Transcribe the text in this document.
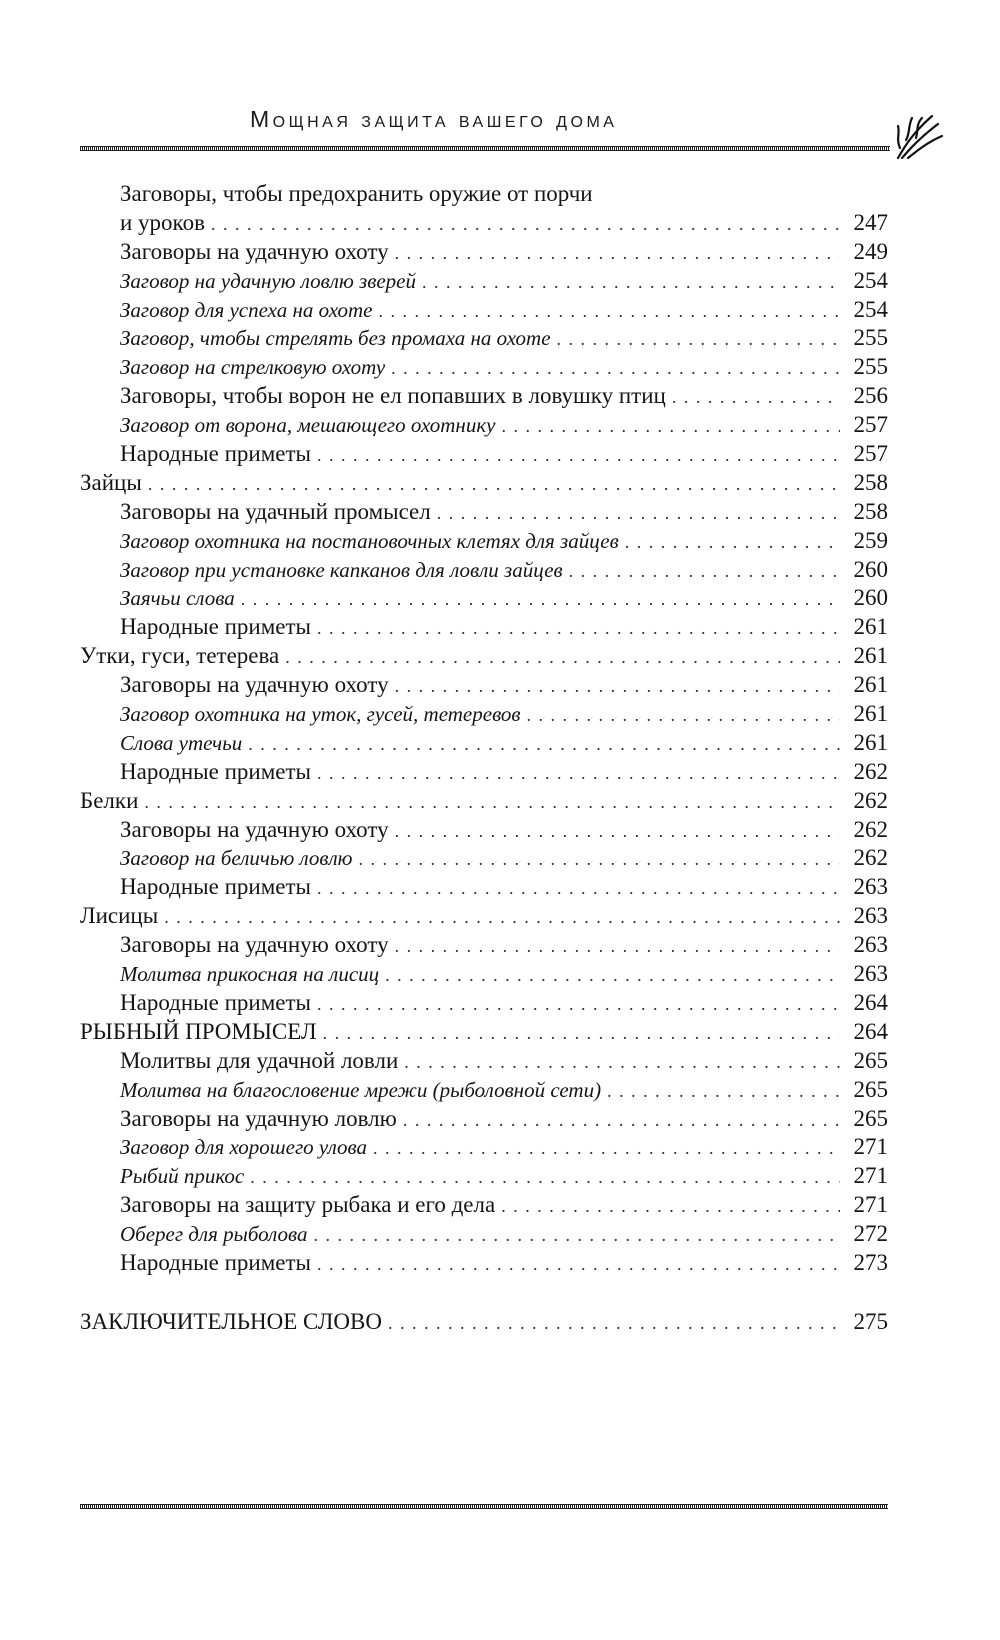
Мощная защита вашего дома
Заговоры, чтобы предохранить оружие от порчи
и уроков . . .	247
Заговоры на удачную охоту . . .	249
Заговор на удачную ловлю зверей . . .	254
Заговор для успеха на охоте . . .	254
Заговор, чтобы стрелять без промаха на охоте . . .	255
Заговор на стрелковую охоту . . .	255
Заговоры, чтобы ворон не ел попавших в ловушку птиц . . .	256
Заговор от ворона, мешающего охотнику . . .	257
Народные приметы . . .	257
Зайцы . . .	258
Заговоры на удачный промысел . . .	258
Заговор охотника на постановочных клетях для зайцев . . .	259
Заговор при установке капканов для ловли зайцев . . .	260
Заячьи слова . . .	260
Народные приметы . . .	261
Утки, гуси, тетерева . . .	261
Заговоры на удачную охоту . . .	261
Заговор охотника на уток, гусей, тетеревов . . .	261
Слова утечьи . . .	261
Народные приметы . . .	262
Белки . . .	262
Заговоры на удачную охоту . . .	262
Заговор на беличью ловлю . . .	262
Народные приметы . . .	263
Лисицы . . .	263
Заговоры на удачную охоту . . .	263
Молитва прикосная на лисиц . . .	263
Народные приметы . . .	264
РЫБНЫЙ ПРОМЫСЕЛ . . .	264
Молитвы для удачной ловли . . .	265
Молитва на благословение мрежи (рыболовной сети) . . .	265
Заговоры на удачную ловлю . . .	265
Заговор для хорошего улова . . .	271
Рыбий прикос . . .	271
Заговоры на защиту рыбака и его дела . . .	271
Оберег для рыболова . . .	272
Народные приметы . . .	273
ЗАКЛЮЧИТЕЛЬНОЕ СЛОВО . . .	275
